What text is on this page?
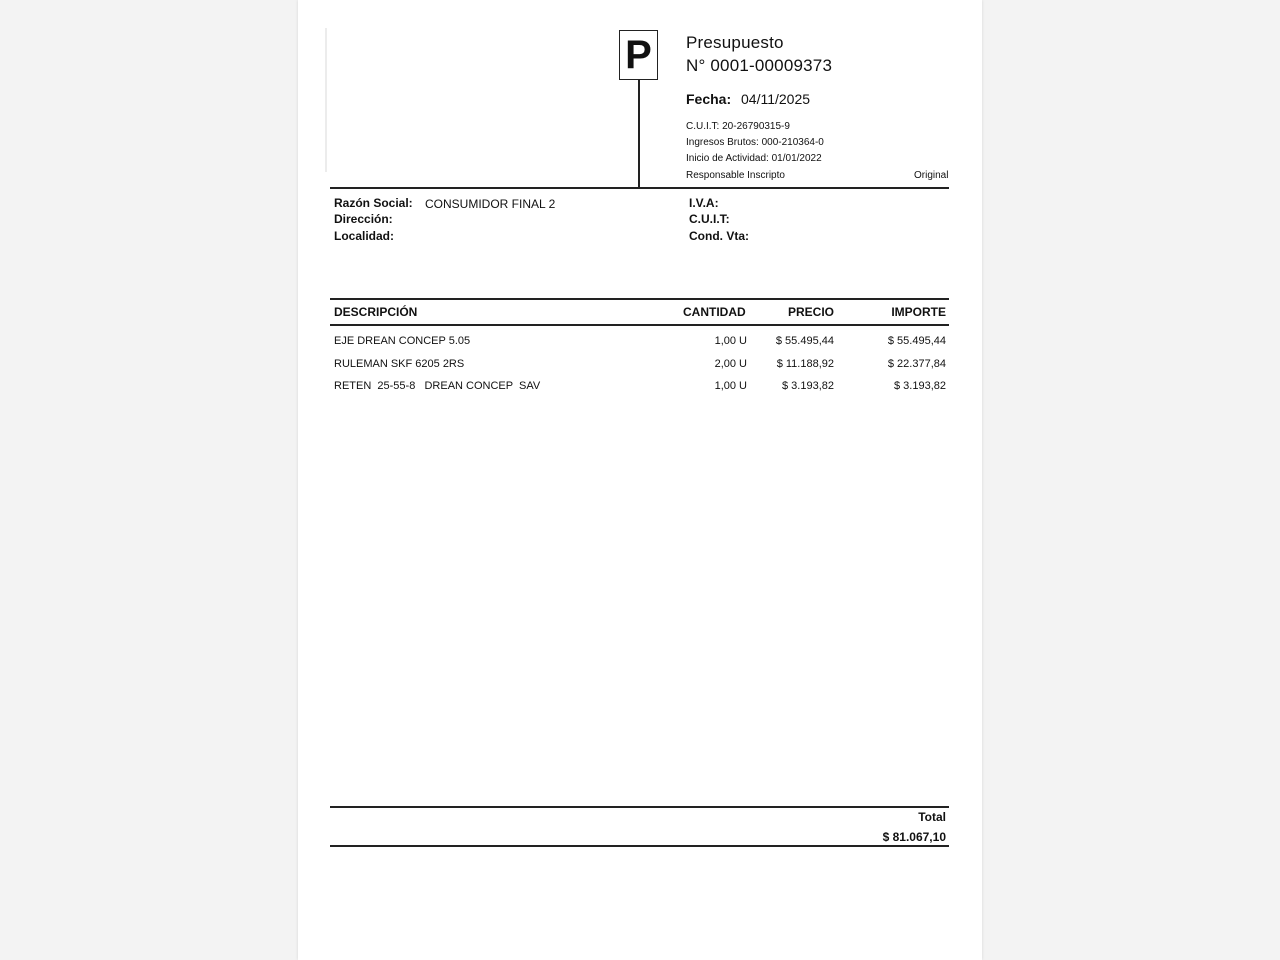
P Presupuesto
N° 0001-00009373
Fecha: 04/11/2025
C.U.I.T: 20-26790315-9
Ingresos Brutos: 000-210364-0
Inicio de Actividad: 01/01/2022
Responsable Inscripto	Original
Razón Social: CONSUMIDOR FINAL 2
Dirección:
Localidad:
I.V.A:
C.U.I.T:
Cond. Vta:
DESCRIPCIÓN	CANTIDAD	PRECIO	IMPORTE
EJE DREAN CONCEP 5.05	1,00 U	$ 55.495,44	$ 55.495,44
RULEMAN SKF 6205 2RS	2,00 U	$ 11.188,92	$ 22.377,84
RETEN  25-55-8   DREAN CONCEP  SAV	1,00 U	$ 3.193,82	$ 3.193,82
Total
$ 81.067,10
